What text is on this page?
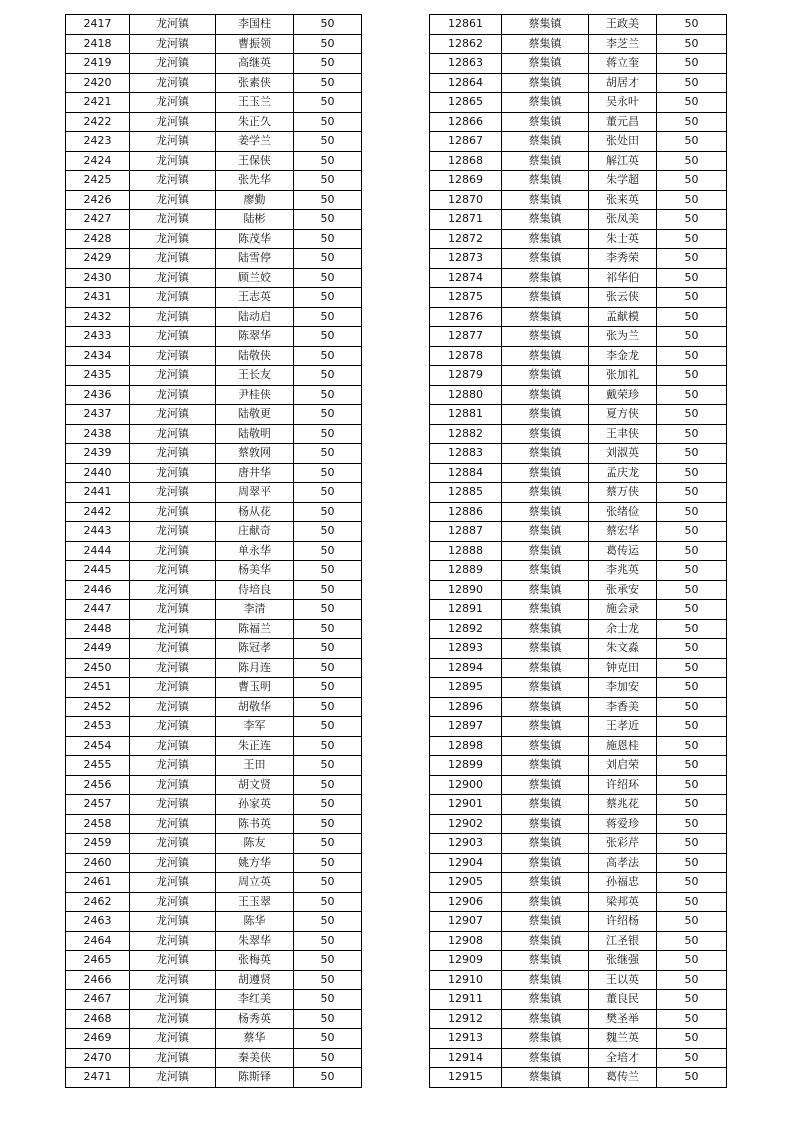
2417	龙河镇	李国柱	50
2418	龙河镇	曹振领	50
2419	龙河镇	高继英	50
2420	龙河镇	张素侠	50
2421	龙河镇	王玉兰	50
2422	龙河镇	朱正久	50
2423	龙河镇	姜学兰	50
2424	龙河镇	王保侠	50
2425	龙河镇	张先华	50
2426	龙河镇	廖勤	50
2427	龙河镇	陆彬	50
2428	龙河镇	陈茂华	50
2429	龙河镇	陆雪停	50
2430	龙河镇	顾兰姣	50
2431	龙河镇	王志英	50
2432	龙河镇	陆动启	50
2433	龙河镇	陈翠华	50
2434	龙河镇	陆敬侠	50
2435	龙河镇	王长友	50
2436	龙河镇	尹桂侠	50
2437	龙河镇	陆敬更	50
2438	龙河镇	陆敬明	50
2439	龙河镇	蔡敦网	50
2440	龙河镇	唐井华	50
2441	龙河镇	周翠平	50
2442	龙河镇	杨从花	50
2443	龙河镇	庄献奇	50
2444	龙河镇	单永华	50
2445	龙河镇	杨美华	50
2446	龙河镇	侍培良	50
2447	龙河镇	李清	50
2448	龙河镇	陈福兰	50
2449	龙河镇	陈冠孝	50
2450	龙河镇	陈月连	50
2451	龙河镇	曹玉明	50
2452	龙河镇	胡敬华	50
2453	龙河镇	李军	50
2454	龙河镇	朱正连	50
2455	龙河镇	王田	50
2456	龙河镇	胡文贤	50
2457	龙河镇	孙家英	50
2458	龙河镇	陈书英	50
2459	龙河镇	陈友	50
2460	龙河镇	姚方华	50
2461	龙河镇	周立英	50
2462	龙河镇	王玉翠	50
2463	龙河镇	陈华	50
2464	龙河镇	朱翠华	50
2465	龙河镇	张梅英	50
2466	龙河镇	胡遵贤	50
2467	龙河镇	李红美	50
2468	龙河镇	杨秀英	50
2469	龙河镇	蔡华	50
2470	龙河镇	秦美侠	50
2471	龙河镇	陈斯铎	50
12861	蔡集镇	王政美	50
12862	蔡集镇	李芝兰	50
12863	蔡集镇	蒋立奎	50
12864	蔡集镇	胡居才	50
12865	蔡集镇	吴永叶	50
12866	蔡集镇	董元昌	50
12867	蔡集镇	张处田	50
12868	蔡集镇	解江英	50
12869	蔡集镇	朱学超	50
12870	蔡集镇	张来英	50
12871	蔡集镇	张凤美	50
12872	蔡集镇	朱士英	50
12873	蔡集镇	李秀荣	50
12874	蔡集镇	祁华伯	50
12875	蔡集镇	张云侠	50
12876	蔡集镇	孟献模	50
12877	蔡集镇	张为兰	50
12878	蔡集镇	李金龙	50
12879	蔡集镇	张加礼	50
12880	蔡集镇	戴荣珍	50
12881	蔡集镇	夏方侠	50
12882	蔡集镇	王聿侠	50
12883	蔡集镇	刘淑英	50
12884	蔡集镇	孟庆龙	50
12885	蔡集镇	蔡万侠	50
12886	蔡集镇	张绪俭	50
12887	蔡集镇	蔡宏华	50
12888	蔡集镇	葛传运	50
12889	蔡集镇	李兆英	50
12890	蔡集镇	张承安	50
12891	蔡集镇	施会录	50
12892	蔡集镇	余士龙	50
12893	蔡集镇	朱文淼	50
12894	蔡集镇	钟克田	50
12895	蔡集镇	李加安	50
12896	蔡集镇	李香美	50
12897	蔡集镇	王孝近	50
12898	蔡集镇	施恩桂	50
12899	蔡集镇	刘启荣	50
12900	蔡集镇	许绍环	50
12901	蔡集镇	蔡兆花	50
12902	蔡集镇	蒋爱珍	50
12903	蔡集镇	张彩芹	50
12904	蔡集镇	高孝法	50
12905	蔡集镇	孙福忠	50
12906	蔡集镇	梁邦英	50
12907	蔡集镇	许绍杨	50
12908	蔡集镇	江圣银	50
12909	蔡集镇	张继强	50
12910	蔡集镇	王以英	50
12911	蔡集镇	董良民	50
12912	蔡集镇	樊圣举	50
12913	蔡集镇	魏兰英	50
12914	蔡集镇	全培才	50
12915	蔡集镇	葛传兰	50
